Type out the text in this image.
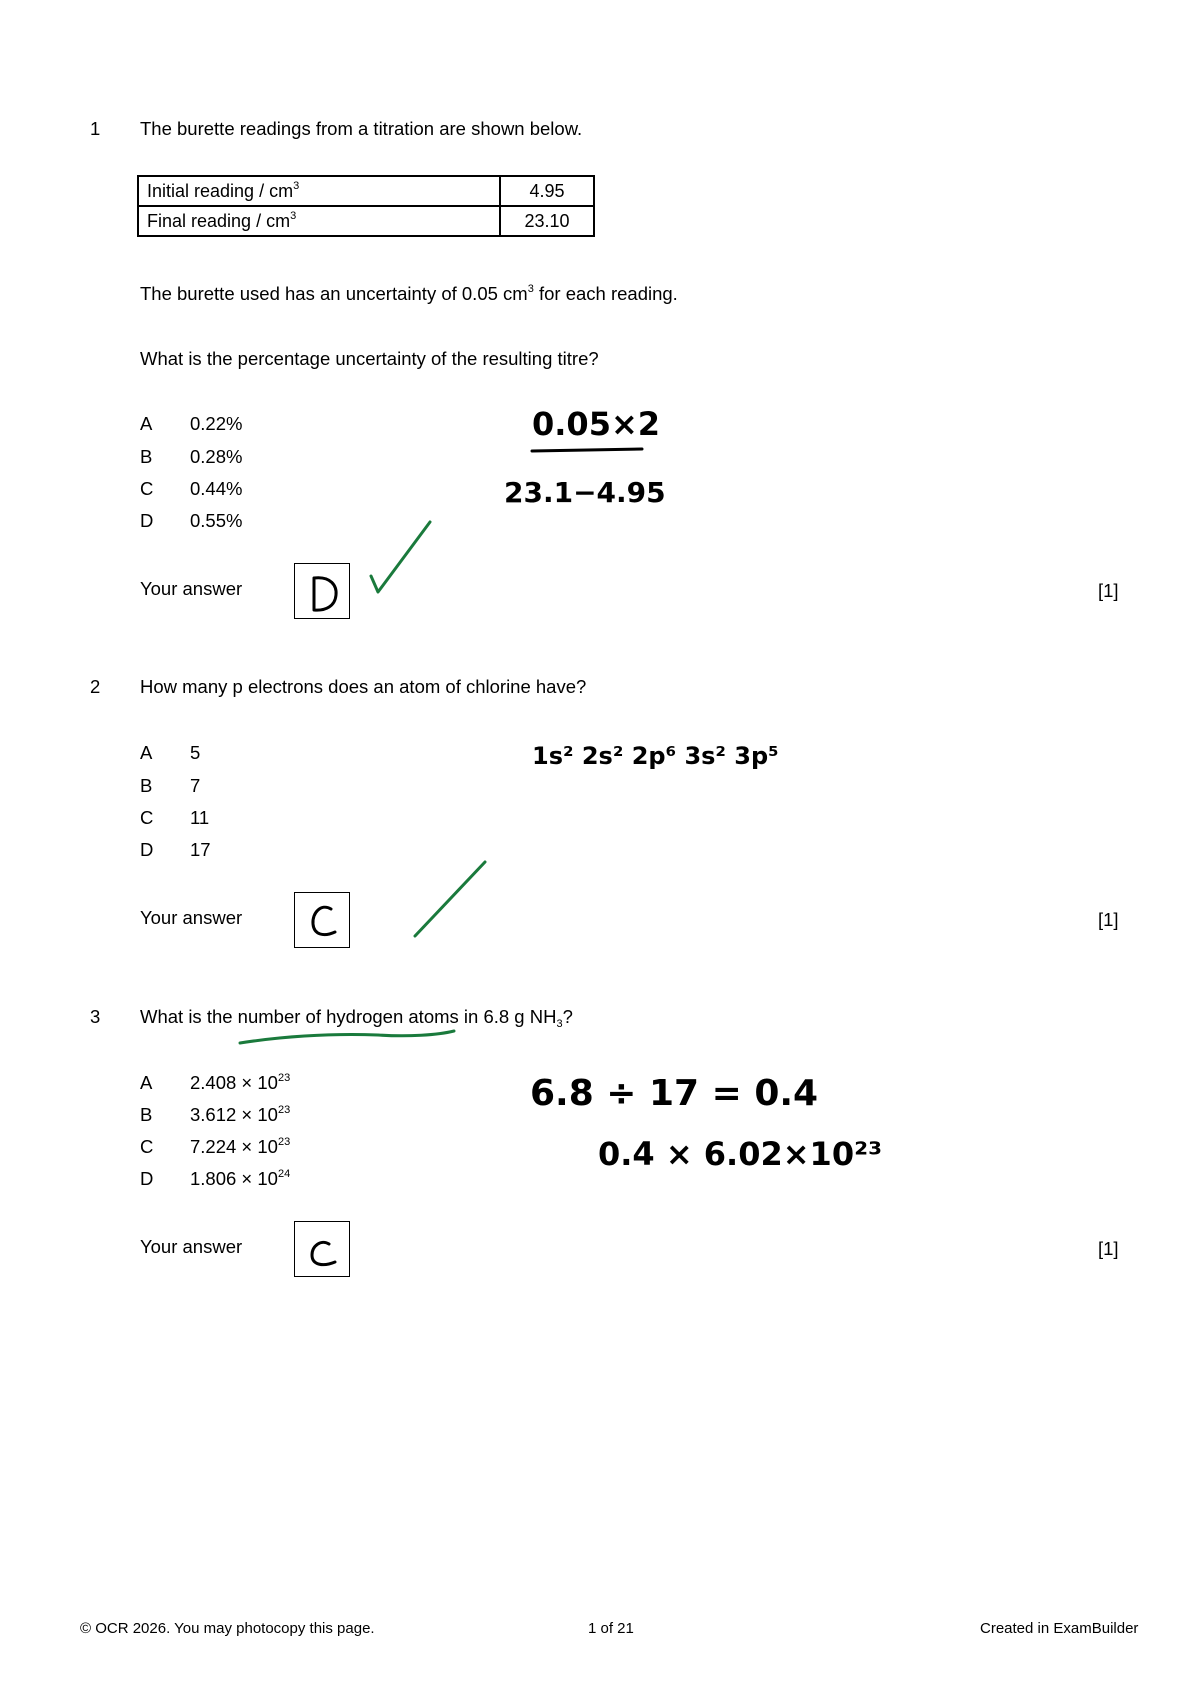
1 The burette readings from a titration are shown below.
Initial reading / $cm^3$	4.95
Final reading / $cm^3$	23.10
The burette used has an uncertainty of 0.05 $cm^3$ for each reading.
What is the percentage uncertainty of the resulting titre?
A 0.22%
B 0.28%
C 0.44%
D 0.55%
Your answer	[1]
0.05×2
23.1−4.95
2 How many p electrons does an atom of chlorine have?
A 5
B 7
C 11
D 17
Your answer	[1]
1s² 2s² 2p⁶ 3s² 3p⁵
3 What is the number of hydrogen atoms in 6.8 g $NH_3$?
A $2.408 \times 10^{23}$
B $3.612 \times 10^{23}$
C $7.224 \times 10^{23}$
D $1.806 \times 10^{24}$
Your answer	[1]
6.8 ÷ 17 = 0.4
0.4 × 6.02×10²³
© OCR 2026. You may photocopy this page.	1 of 21	Created in ExamBuilder
